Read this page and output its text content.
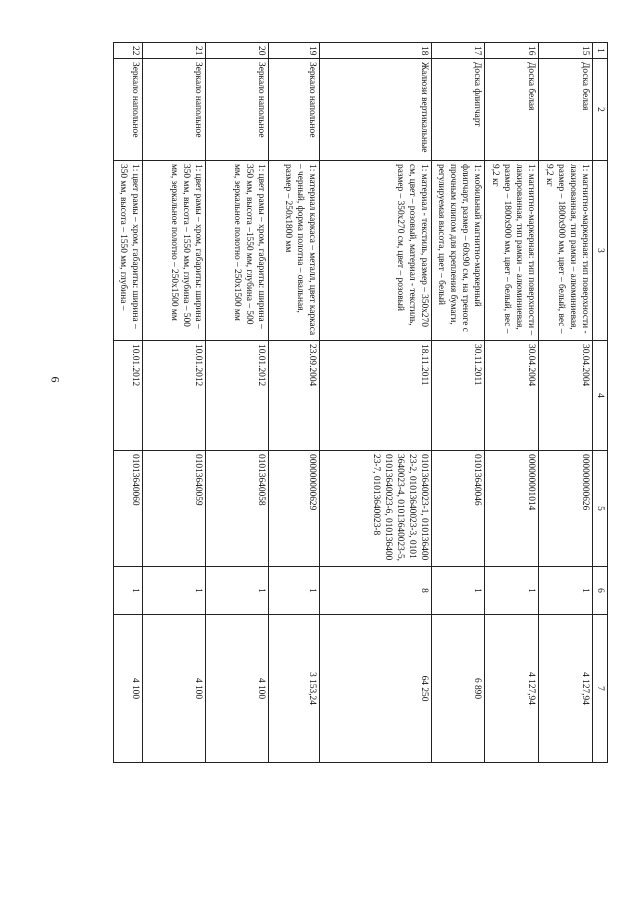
6
1	2	3	4	5	6	7
15	Доска белая	1: магнитно-маркерная: тип поверхности - лакированная, тип рамки – алюминиевая, размер – 1800х900 мм, цвет – белый, вес – 9,2 кг	30.04.2004	000000000626	1	4 127,94
16	Доска белая	1: магнитно-маркерная: тип поверхности – лакированная, тип рамки – алюминиевая, размер – 1800х900 мм, цвет – белый, вес – 9,2 кг	30.04.2004	000000001014	1	4 127,94
17	Доска флипчарт	1: мобильный магнитно-маркерный флипчарт, размер – 60х90 см, на треноге с прочным клипом для крепления бумаги, регулируемая высота, цвет – белый	30.11.2011	01013640046	1	6 890
18	Жалюзи вертикальные	1: материал - текстиль, размер – 350х270 см, цвет – розовый, материал - текстиль, размер – 350х270 см, цвет – розовый	18.11.2011	01013640023-1, 01013640023-2, 01013640023-3, 01013640023-4, 01013640023-5, 01013640023-6, 01013640023-7, 01013640023-8	8	64 250
19	Зеркало напольное	1: материал каркаса – металл, цвет каркаса – черный, форма полотна – овальная, размер – 250х1800 мм	23.09.2004	000000000629	1	3 153,24
20	Зеркало напольное	1: цвет рамы – хром, габариты: ширина – 350 мм, высота –1550 мм, глубина – 500 мм, зеркальное полотно – 250х1500 мм	10.01.2012	01013640058	1	4 100
21	Зеркало напольное	1: цвет рамы – хром, габариты: ширина – 350 мм, высота – 1550 мм, глубина – 500 мм, зеркальное полотно – 250х1500 мм	10.01.2012	01013640059	1	4 100
22	Зеркало напольное	1: цвет рамы – хром, габариты: ширина – 350 мм, высота – 1550 мм, глубина –	10.01.2012	01013640060	1	4 100
